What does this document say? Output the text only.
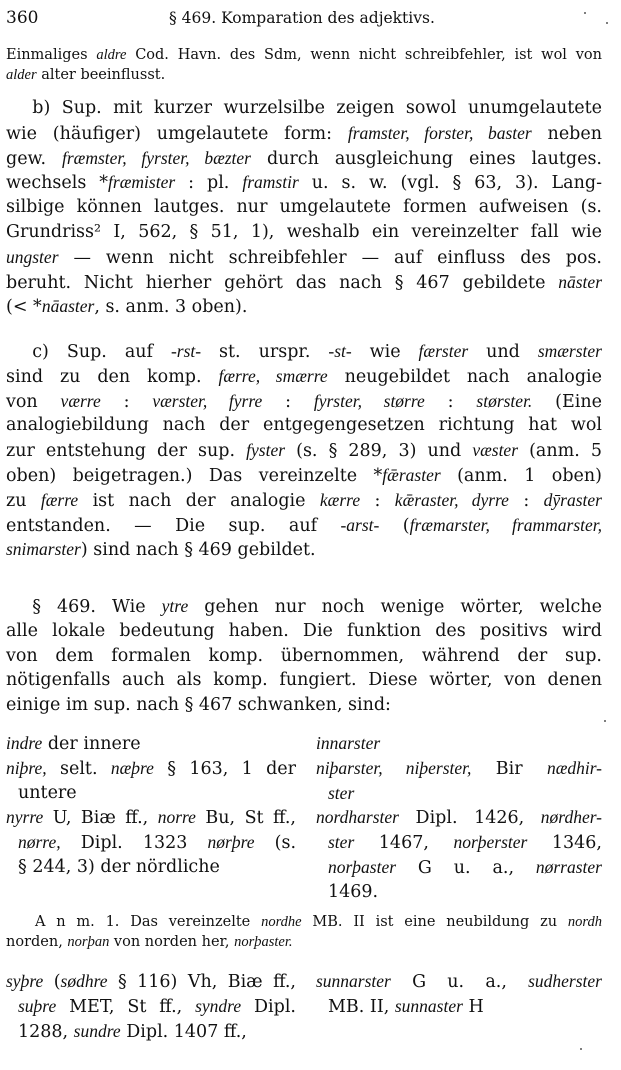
360	§ 469. Komparation des adjektivs.
Einmaliges aldre Cod. Havn. des Sdm, wenn nicht schreibfehler, ist wol von
alder alter beeinflusst.
  b) Sup. mit kurzer wurzelsilbe zeigen sowol unumgelautete
wie (häufiger) umgelautete form: framster, forster, baster neben
gew. fræmster, fyrster, bæzter durch ausgleichung eines lautges.
wechsels *fræmister : pl. framstir u. s. w. (vgl. § 63, 3). Lang-
silbige können lautges. nur umgelautete formen aufweisen (s.
Grundriss² I, 562, § 51, 1), weshalb ein vereinzelter fall wie
ungster — wenn nicht schreibfehler — auf einfluss des pos.
beruht. Nicht hierher gehört das nach § 467 gebildete nāster
(< *nāaster, s. anm. 3 oben).
  c) Sup. auf -rst- st. urspr. -st- wie færster und smærster
sind zu den komp. færre, smærre neugebildet nach analogie
von værre : værster, fyrre : fyrster, større : størster. (Eine
analogiebildung nach der entgegengesetzen richtung hat wol
zur entstehung der sup. fyster (s. § 289, 3) und væster (anm. 5
oben) beigetragen.) Das vereinzelte *fǣraster (anm. 1 oben)
zu færre ist nach der analogie kærre : kǣraster, dyrre : dȳraster
entstanden. — Die sup. auf -arst- (fræmarster, frammarster,
snimarster) sind nach § 469 gebildet.
  § 469. Wie ytre gehen nur noch wenige wörter, welche
alle lokale bedeutung haben. Die funktion des positivs wird
von dem formalen komp. übernommen, während der sup.
nötigenfalls auch als komp. fungiert. Diese wörter, von denen
einige im sup. nach § 467 schwanken, sind:
indre der innere	innarster
niþre, selt. næþre § 163, 1 der
untere
niþarster, niþerster, Bir nædhir-
ster
nyrre U, Biæ ff., norre Bu, St ff.,
nørre, Dipl. 1323 nørþre (s.
§ 244, 3) der nördliche
nordharster Dipl. 1426, nørdher-
ster 1467, norþerster 1346,
norþaster G u. a., nørraster
1469.
  A n m. 1. Das vereinzelte nordhe MB. II ist eine neubildung zu nordh
norden, norþan von norden her, norþaster.
syþre (sødhre § 116) Vh, Biæ ff.,
suþre MET, St ff., syndre Dipl.
1288, sundre Dipl. 1407 ff.,
sunnarster G u. a., sudherster
MB. II, sunnaster H
